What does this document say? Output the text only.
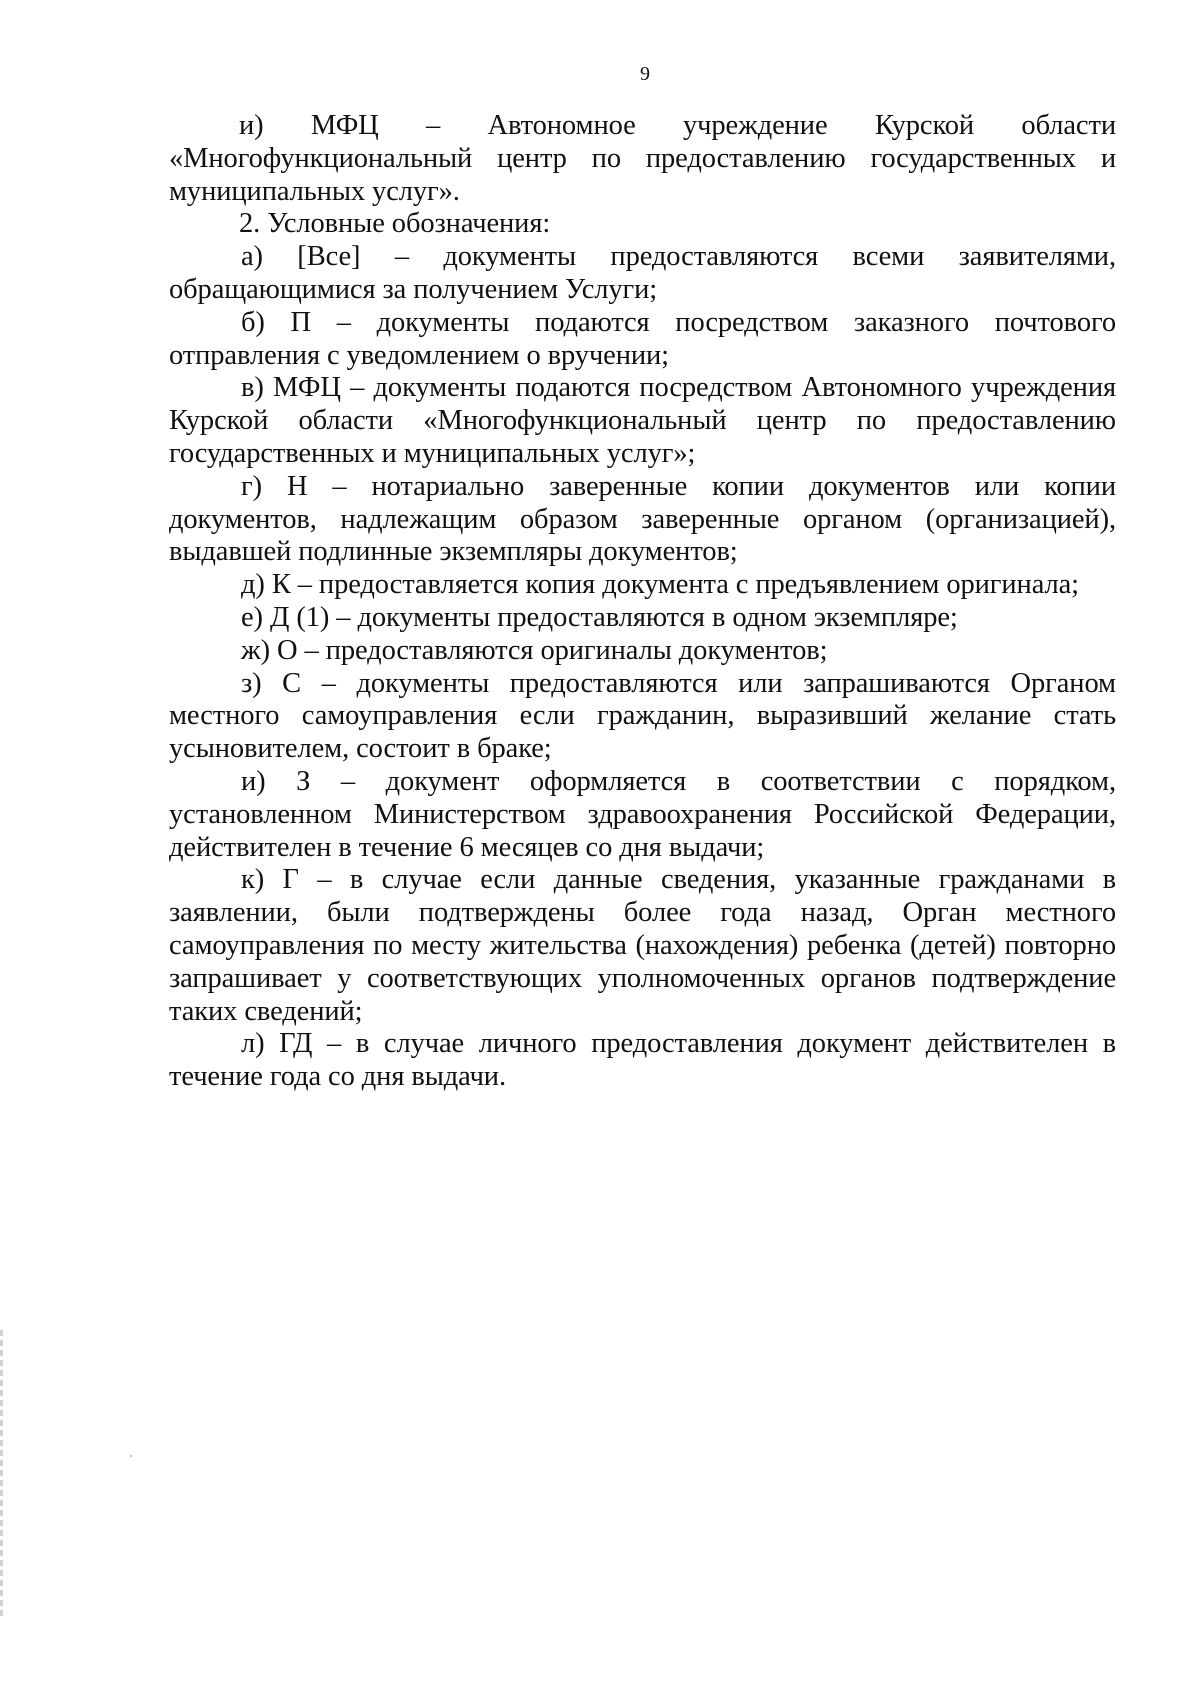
9

и) МФЦ – Автономное учреждение Курской области «Многофункциональный центр по предоставлению государственных и муниципальных услуг».

2. Условные обозначения:

а) [Все] – документы предоставляются всеми заявителями, обращающимися за получением Услуги;

б) П – документы подаются посредством заказного почтового отправления с уведомлением о вручении;

в) МФЦ – документы подаются посредством Автономного учреждения Курской области «Многофункциональный центр по предоставлению государственных и муниципальных услуг»;

г) Н – нотариально заверенные копии документов или копии документов, надлежащим образом заверенные органом (организацией), выдавшей подлинные экземпляры документов;

д) К – предоставляется копия документа с предъявлением оригинала;

е) Д (1) – документы предоставляются в одном экземпляре;

ж) О – предоставляются оригиналы документов;

з) С – документы предоставляются или запрашиваются Органом местного самоуправления если гражданин, выразивший желание стать усыновителем, состоит в браке;

и) З – документ оформляется в соответствии с порядком, установленном Министерством здравоохранения Российской Федерации, действителен в течение 6 месяцев со дня выдачи;

к) Г – в случае если данные сведения, указанные гражданами в заявлении, были подтверждены более года назад, Орган местного самоуправления по месту жительства (нахождения) ребенка (детей) повторно запрашивает у соответствующих уполномоченных органов подтверждение таких сведений;

л) ГД – в случае личного предоставления документ действителен в течение года со дня выдачи.
